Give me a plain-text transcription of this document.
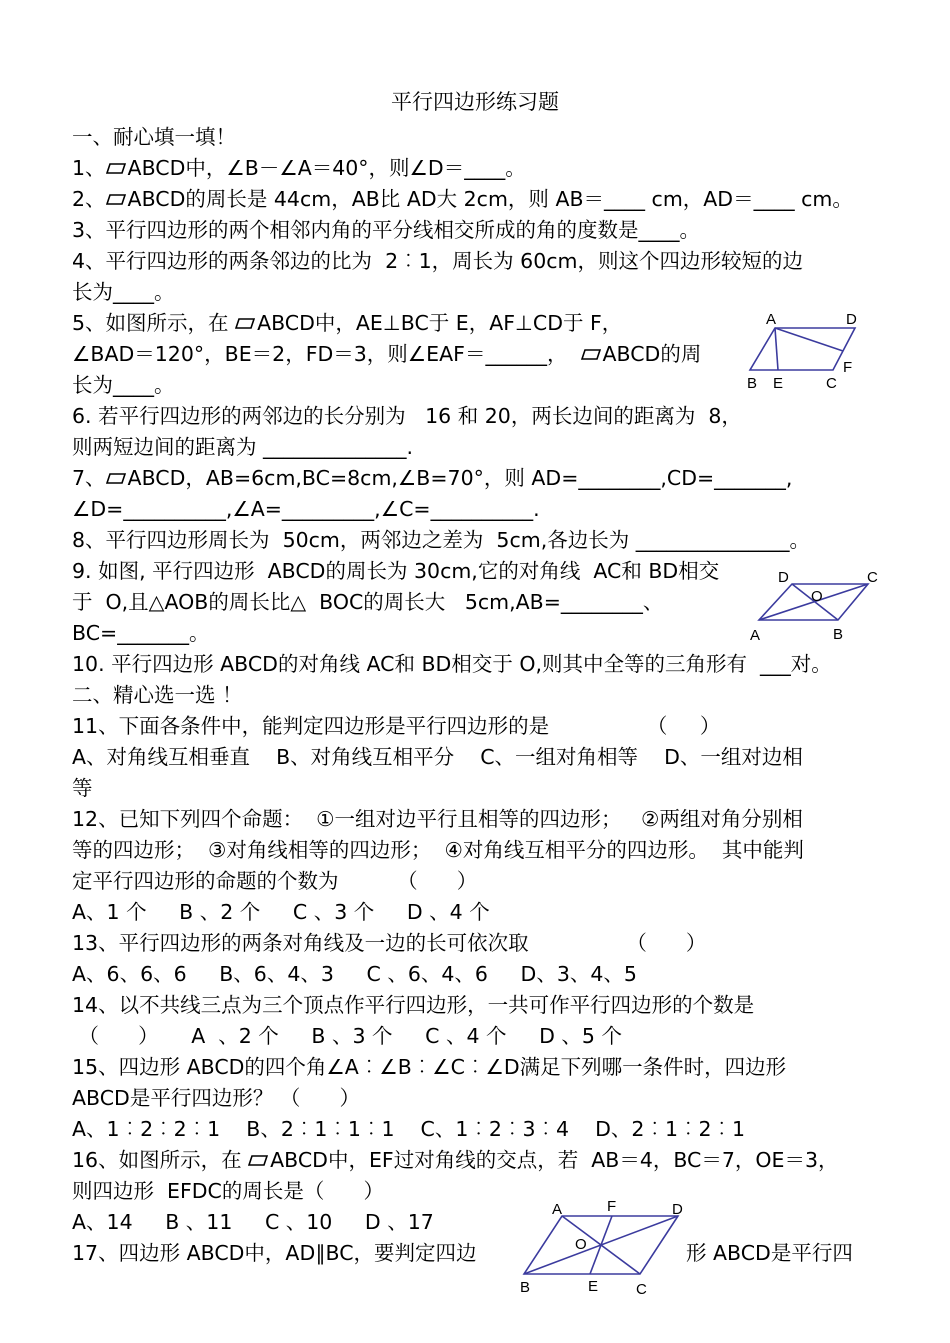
平行四边形练习题
一、耐心填一填！
1、 ABCD中，∠B－∠A＝40°，则∠D＝____。
2、 ABCD的周长是 44cm，AB比 AD大 2cm，则 AB＝____ cm，AD＝____ cm。
3、平行四边形的两个相邻内角的平分线相交所成的角的度数是____。
4、平行四边形的两条邻边的比为  2︰1，周长为 60cm，则这个四边形较短的边
长为____。
5、如图所示，在 ABCD中，AE⊥BC于 E，AF⊥CD于 F，
∠BAD＝120°，BE＝2，FD＝3，则∠EAF＝______， ABCD的周
长为____。
6. 若平行四边形的两邻边的长分别为   16 和 20，两长边间的距离为  8，
则两短边间的距离为 ______________.
7、 ABCD，AB=6cm,BC=8cm,∠B=70°，则 AD=________,CD=_______,
∠D=__________,∠A=_________,∠C=__________.
8、平行四边形周长为  50cm，两邻边之差为  5cm,各边长为 _______________。
9. 如图, 平行四边形  ABCD的周长为 30cm,它的对角线  AC和 BD相交
于  O,且△AOB的周长比△  BOC的周长大   5cm,AB=________、
BC=_______。
10. 平行四边形 ABCD的对角线 AC和 BD相交于 O,则其中全等的三角形有  ___对。
二、精心选一选 ！
11、下面各条件中，能判定四边形是平行四边形的是               （     ）
A、对角线互相垂直    B、对角线互相平分    C、一组对角相等    D、一组对边相
等
12、已知下列四个命题：  ①一组对边平行且相等的四边形；   ②两组对角分别相
等的四边形；  ③对角线相等的四边形；  ④对角线互相平分的四边形。  其中能判
定平行四边形的命题的个数为         （      ）
A、1 个     B 、2 个     C 、3 个     D 、4 个
13、平行四边形的两条对角线及一边的长可依次取               （      ）
A、6、6、6     B、6、4、3     C 、6、4、6     D、3、4、5
14、以不共线三点为三个顶点作平行四边形，一共可作平行四边形的个数是
（      ）     A  、2 个     B 、3 个     C 、4 个     D 、5 个
15、四边形 ABCD的四个角∠A︰∠B︰∠C︰∠D满足下列哪一条件时，四边形
ABCD是平行四边形？ （      ）
A、1︰2︰2︰1    B、2︰1︰1︰1    C、1︰2︰3︰4    D、2︰1︰2︰1
16、如图所示，在 ABCD中，EF过对角线的交点，若  AB＝4，BC＝7，OE＝3，
则四边形  EFDC的周长是（      ）
A、14     B 、11     C 、10     D 、17
17、四边形 ABCD中，AD∥BC，要判定四边	形 ABCD是平行四
A	D
B E	C
F
D	C
O
A	B
A	F	D
O
B	E	C
